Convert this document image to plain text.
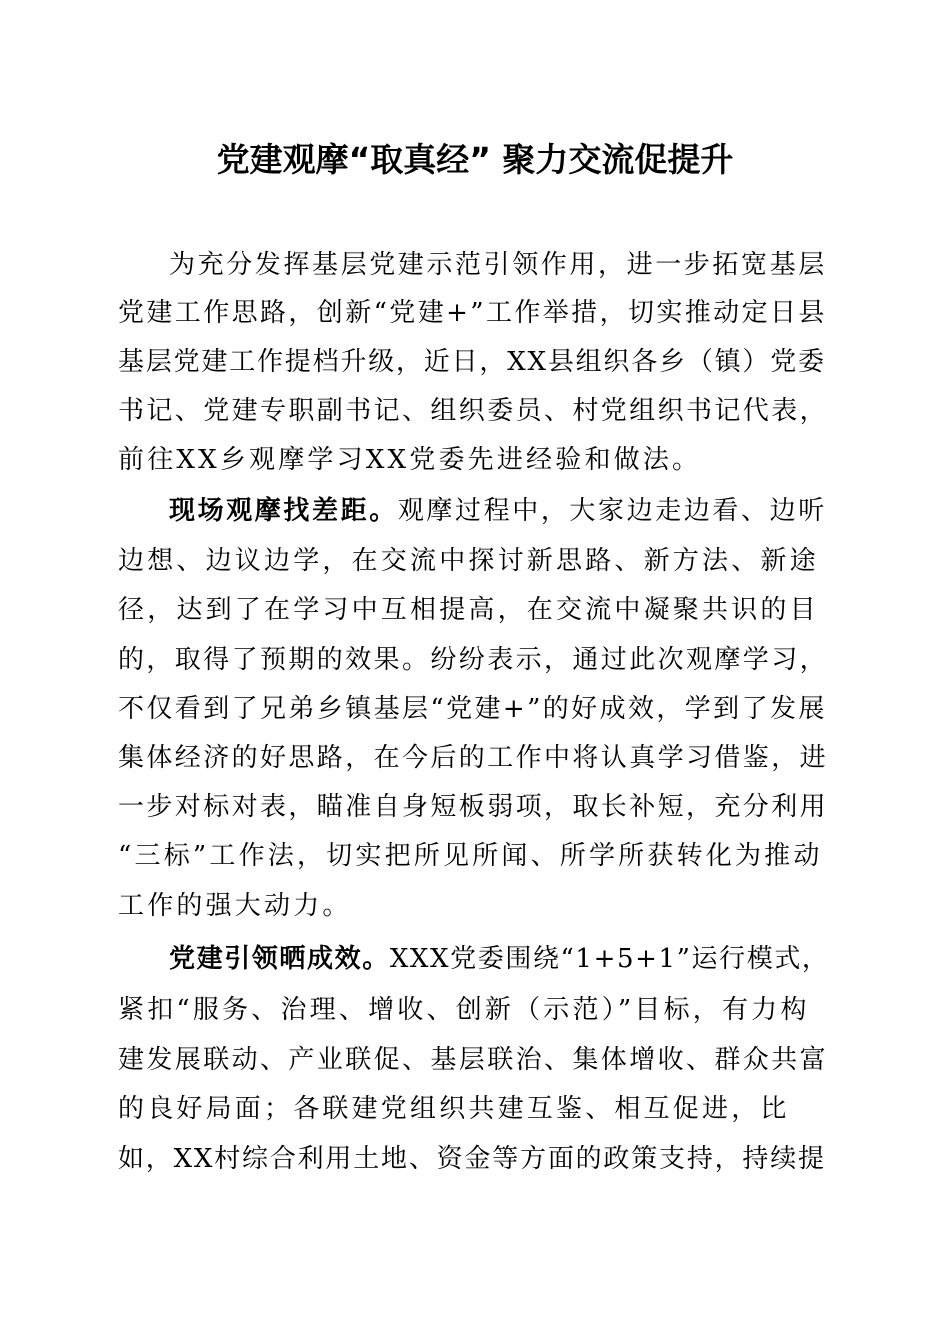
党建观摩“取真经” 聚力交流促提升
为充分发挥基层党建示范引领作用，进一步拓宽基层
党建工作思路，创新“党建+”工作举措，切实推动定日县
基层党建工作提档升级，近日，XX县组织各乡（镇）党委
书记、党建专职副书记、组织委员、村党组织书记代表，
前往XX乡观摩学习XX党委先进经验和做法。
现场观摩找差距。观摩过程中，大家边走边看、边听
边想、边议边学，在交流中探讨新思路、新方法、新途
径，达到了在学习中互相提高，在交流中凝聚共识的目
的，取得了预期的效果。纷纷表示，通过此次观摩学习，
不仅看到了兄弟乡镇基层“党建+”的好成效，学到了发展
集体经济的好思路，在今后的工作中将认真学习借鉴，进
一步对标对表，瞄准自身短板弱项，取长补短，充分利用
“三标”工作法，切实把所见所闻、所学所获转化为推动
工作的强大动力。
党建引领晒成效。XXX党委围绕“1+5+1”运行模式，
紧扣“服务、治理、增收、创新（示范）”目标，有力构
建发展联动、产业联促、基层联治、集体增收、群众共富
的良好局面；各联建党组织共建互鉴、相互促进，比
如，XX村综合利用土地、资金等方面的政策支持，持续提
